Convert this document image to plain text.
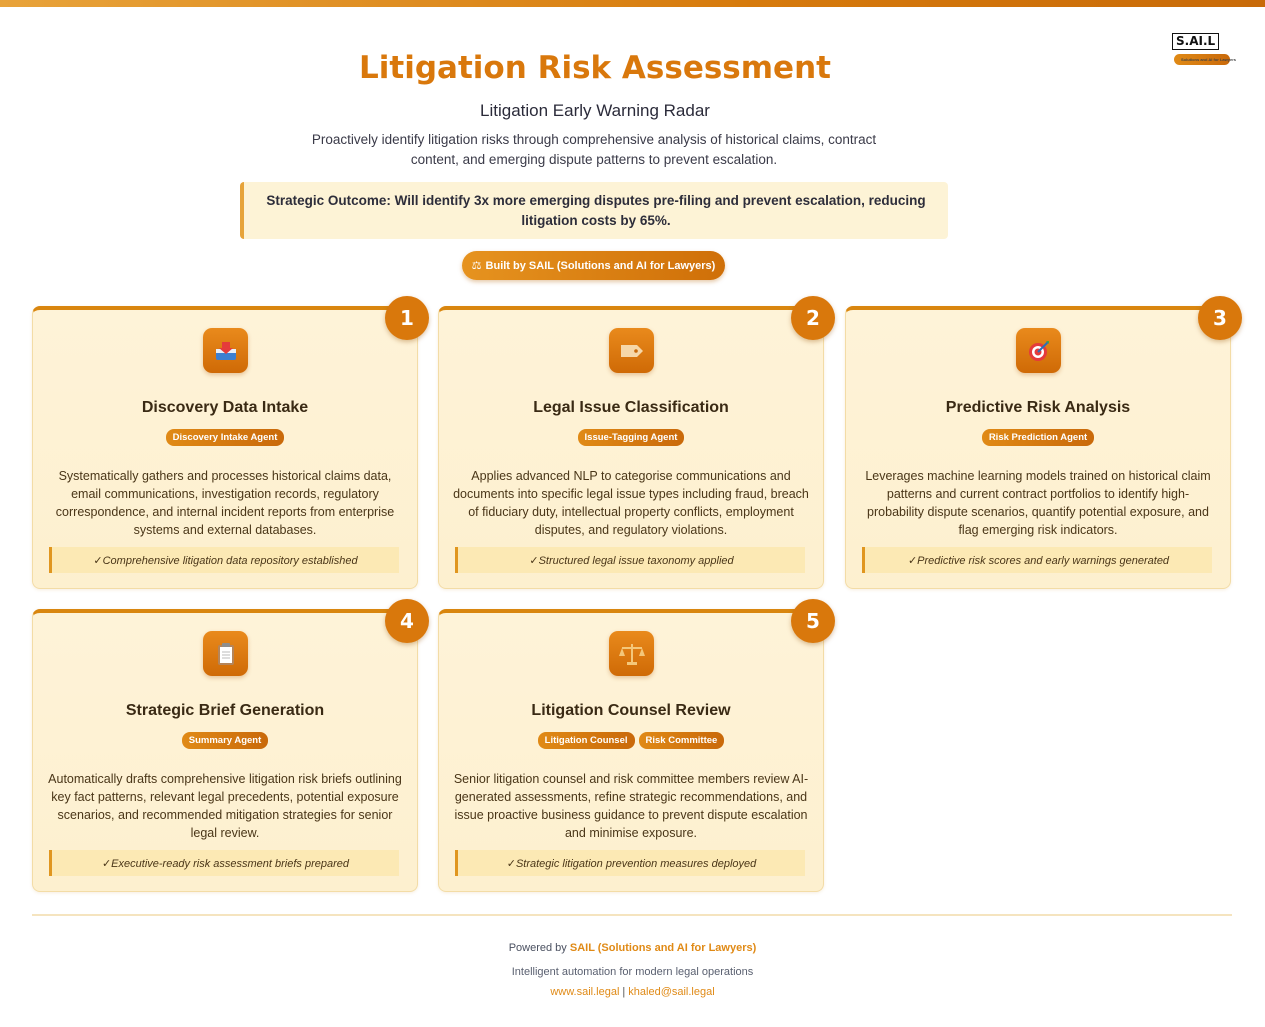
S.AI.L
Solutions and AI for Lawyers
Litigation Risk Assessment
Litigation Early Warning Radar

Proactively identify litigation risks through comprehensive analysis of historical claims, contract content, and emerging dispute patterns to prevent escalation.

Strategic Outcome: Will identify 3x more emerging disputes pre-filing and prevent escalation, reducing litigation costs by 65%.
⚖ Built by SAIL (Solutions and AI for Lawyers)
1
Discovery Data Intake
Discovery Intake Agent

Systematically gathers and processes historical claims data, email communications, investigation records, regulatory correspondence, and internal incident reports from enterprise systems and external databases.

✓Comprehensive litigation data repository established
2
Legal Issue Classification
Issue-Tagging Agent

Applies advanced NLP to categorise communications and documents into specific legal issue types including fraud, breach of fiduciary duty, intellectual property conflicts, employment disputes, and regulatory violations.

✓Structured legal issue taxonomy applied
3
Predictive Risk Analysis
Risk Prediction Agent

Leverages machine learning models trained on historical claim patterns and current contract portfolios to identify high-probability dispute scenarios, quantify potential exposure, and flag emerging risk indicators.

✓Predictive risk scores and early warnings generated
4
Strategic Brief Generation
Summary Agent

Automatically drafts comprehensive litigation risk briefs outlining key fact patterns, relevant legal precedents, potential exposure scenarios, and recommended mitigation strategies for senior legal review.

✓Executive-ready risk assessment briefs prepared
5
Litigation Counsel Review
Litigation Counsel Risk Committee

Senior litigation counsel and risk committee members review AI-generated assessments, refine strategic recommendations, and issue proactive business guidance to prevent dispute escalation and minimise exposure.

✓Strategic litigation prevention measures deployed
Powered by SAIL (Solutions and AI for Lawyers)
Intelligent automation for modern legal operations
www.sail.legal | khaled@sail.legal
